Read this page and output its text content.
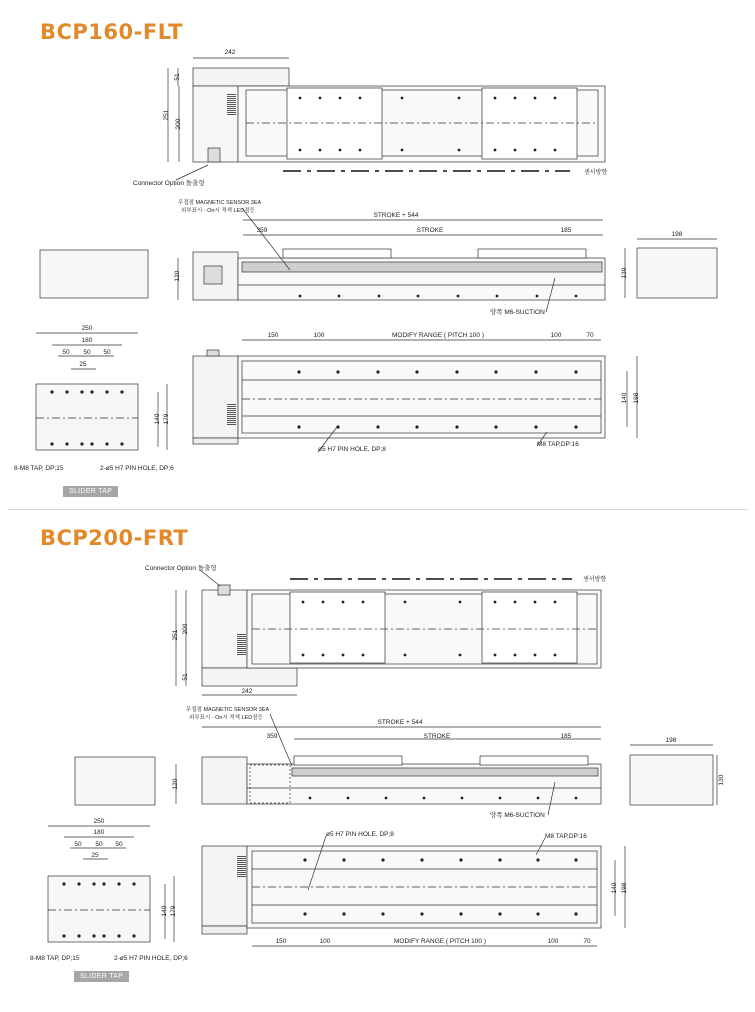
BCP160-FLT
BCP200-FRT
242
51
251
200
Connector Option 돌출형
센서방향
무접점 MAGNETIC SENSOR 3EA
외부표시 - On시 적색 LED점등
STROKE + 544
359	STROKE	185
120
198
130
양쪽 M6-SUCTION
250
180
50 50 50
25
140 179
8-M8 TAP, DP;15	2-ø5 H7 PIN HOLE, DP;6
150	100	MODIFY RANGE ( PITCH 100 )	100	70
140 198
ø5 H7 PIN HOLE, DP;8
M8 TAP,DP:16
Connector Option 돌출형
센서방향
251
200
51
242
무접점 MAGNETIC SENSOR 3EA
외부표시 - On시 적색 LED점등
STROKE + 544
359	STROKE	185
120
198
130
양쪽 M6-SUCTION
250
180
50 50 50
25
140 179
8-M8 TAP, DP;15	2-ø5 H7 PIN HOLE, DP;6
ø5 H7 PIN HOLE, DP;8	M8 TAP,DP:16
140 198
150	100	MODIFY RANGE ( PITCH 100 )	100	70
SLIDER TAP
SLIDER TAP
